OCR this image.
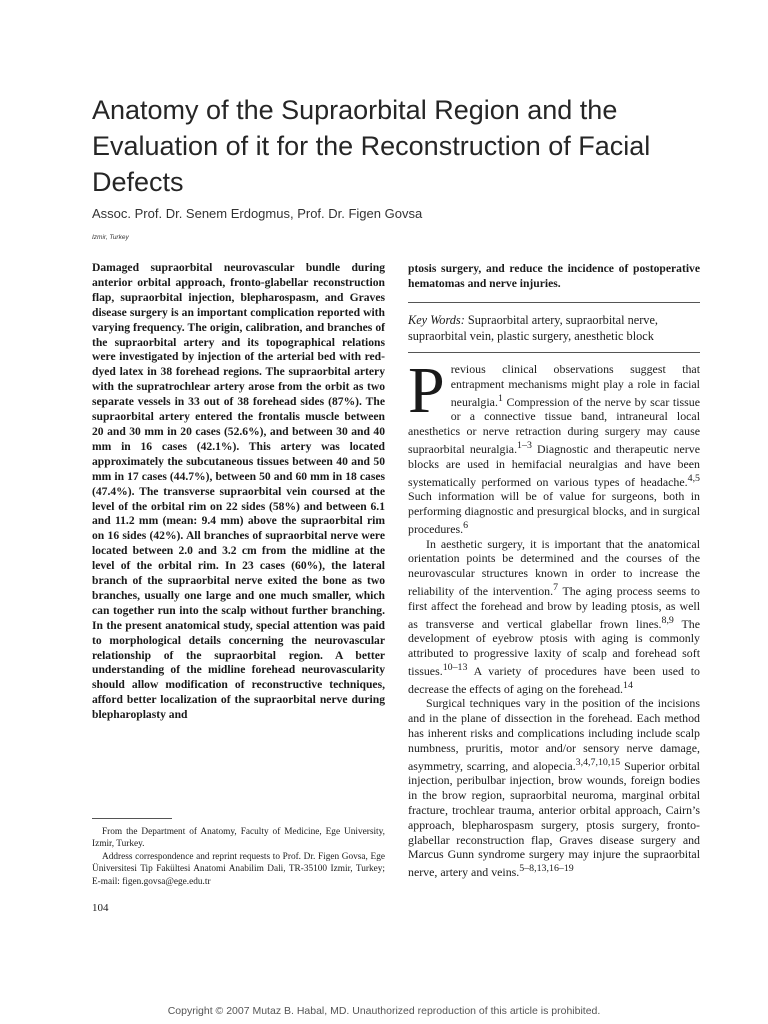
Anatomy of the Supraorbital Region and the Evaluation of it for the Reconstruction of Facial Defects
Assoc. Prof. Dr. Senem Erdogmus, Prof. Dr. Figen Govsa
Izmir, Turkey

Damaged supraorbital neurovascular bundle during anterior orbital approach, fronto-glabellar reconstruction flap, supraorbital injection, blepharospasm, and Graves disease surgery is an important complication reported with varying frequency. The origin, calibration, and branches of the supraorbital artery and its topographical relations were investigated by injection of the arterial bed with red-dyed latex in 38 forehead regions. The supraorbital artery with the supratrochlear artery arose from the orbit as two separate vessels in 33 out of 38 forehead sides (87%). The supraorbital artery entered the frontalis muscle between 20 and 30 mm in 20 cases (52.6%), and between 30 and 40 mm in 16 cases (42.1%). This artery was located approximately the subcutaneous tissues between 40 and 50 mm in 17 cases (44.7%), between 50 and 60 mm in 18 cases (47.4%). The transverse supraorbital vein coursed at the level of the orbital rim on 22 sides (58%) and between 6.1 and 11.2 mm (mean: 9.4 mm) above the supraorbital rim on 16 sides (42%). All branches of supraorbital nerve were located between 2.0 and 3.2 cm from the midline at the level of the orbital rim. In 23 cases (60%), the lateral branch of the supraorbital nerve exited the bone as two branches, usually one large and one much smaller, which can together run into the scalp without further branching. In the present anatomical study, special attention was paid to morphological details concerning the neurovascular relationship of the supraorbital region. A better understanding of the midline forehead neurovascularity should allow modification of reconstructive techniques, afford better localization of the supraorbital nerve during blepharoplasty and

ptosis surgery, and reduce the incidence of postoperative hematomas and nerve injuries.

Key Words: Supraorbital artery, supraorbital nerve, supraorbital vein, plastic surgery, anesthetic block

Previous clinical observations suggest that entrapment mechanisms might play a role in facial neuralgia.$^1$ Compression of the nerve by scar tissue or a connective tissue band, intraneural local anesthetics or nerve retraction during surgery may cause supraorbital neuralgia.$^{1-3}$ Diagnostic and therapeutic nerve blocks are used in hemifacial neuralgias and have been systematically performed on various types of headache.$^{4,5}$ Such information will be of value for surgeons, both in performing diagnostic and presurgical blocks, and in surgical procedures.$^6$

In aesthetic surgery, it is important that the anatomical orientation points be determined and the courses of the neurovascular structures known in order to increase the reliability of the intervention.$^7$ The aging process seems to first affect the forehead and brow by leading ptosis, as well as transverse and vertical glabellar frown lines.$^{8,9}$ The development of eyebrow ptosis with aging is commonly attributed to progressive laxity of scalp and forehead soft tissues.$^{10-13}$ A variety of procedures have been used to decrease the effects of aging on the forehead.$^{14}$

Surgical techniques vary in the position of the incisions and in the plane of dissection in the forehead. Each method has inherent risks and complications including include scalp numbness, pruritis, motor and/or sensory nerve damage, asymmetry, scarring, and alopecia.$^{3,4,7,10,15}$ Superior orbital injection, peribulbar injection, brow wounds, foreign bodies in the brow region, supraorbital neuroma, marginal orbital fracture, trochlear trauma, anterior orbital approach, Cairn’s approach, blepharospasm surgery, ptosis surgery, fronto-glabellar reconstruction flap, Graves disease surgery and Marcus Gunn syndrome surgery may injure the supraorbital nerve, artery and veins.$^{5-8,13,16-19}$

From the Department of Anatomy, Faculty of Medicine, Ege University, Izmir, Turkey.

Address correspondence and reprint requests to Prof. Dr. Figen Govsa, Ege Üniversitesi Tip Fakültesi Anatomi Anabilim Dali, TR-35100 Izmir, Turkey; E-mail: figen.govsa@ege.edu.tr

104
Copyright © 2007 Mutaz B. Habal, MD. Unauthorized reproduction of this article is prohibited.
